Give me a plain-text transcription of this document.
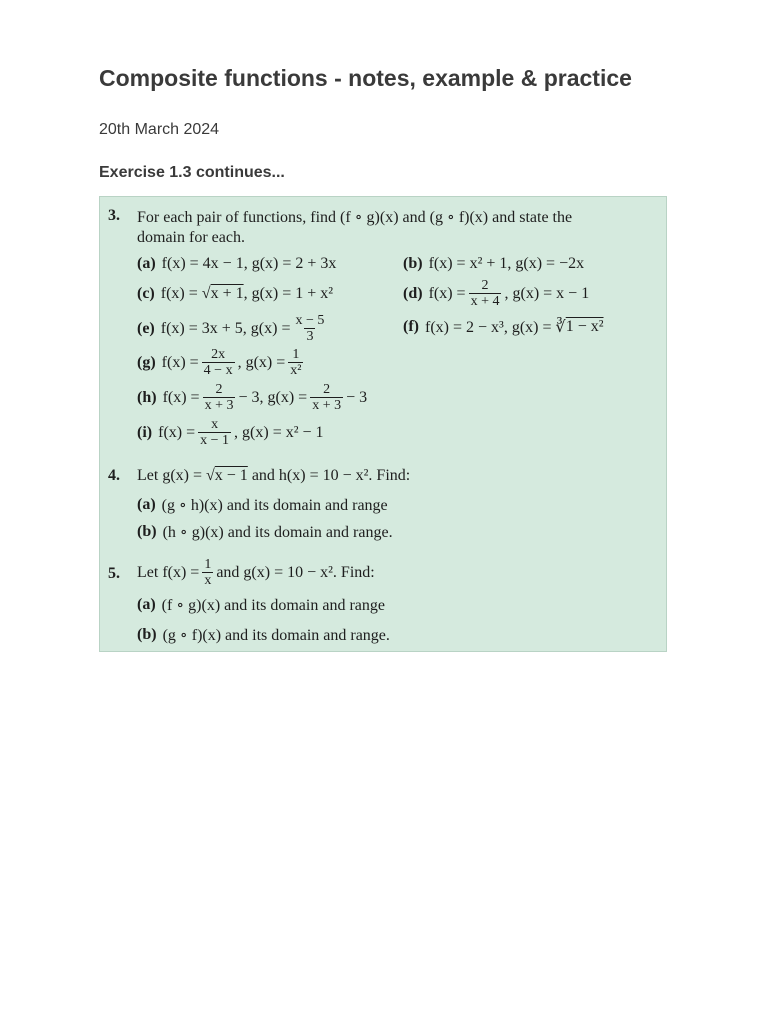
Composite functions - notes, example & practice
20th March 2024
Exercise 1.3 continues...
3. For each pair of functions, find (f ∘ g)(x) and (g ∘ f)(x) and state the
domain for each.
(a) f(x) = 4x − 1, g(x) = 2 + 3x	(b) f(x) = x² + 1, g(x) = −2x
(c) f(x) = √ x + 1 , g(x) = 1 + x²	(d) $f(x) = \frac{2}{x + 4}$ , g(x) = x − 1
(e) f(x) = 3x + 5, $g(x) = \frac{x - 5}{3}$	(f) f(x) = 2 − x³, g(x) = ∛ 1 − x²
(g) $f(x) = \frac{2x}{4 - x}$ , $g(x) = \frac{1}{\text{x²}}$
(h) $f(x) = \frac{2}{x + 3} - 3$, $g(x) = \frac{2}{x + 3} - 3$
(i) $f(x) = \frac{x}{x - 1}$ , g(x) = x² − 1
4. Let g(x) = √x − 1 and h(x) = 10 − x². Find:
(a) (g ∘ h)(x) and its domain and range
(b) (h ∘ g)(x) and its domain and range.
5. Let $f(x) = \frac{1}{x}$ and g(x) = 10 − x². Find:
(a) (f ∘ g)(x) and its domain and range
(b) (g ∘ f)(x) and its domain and range.
